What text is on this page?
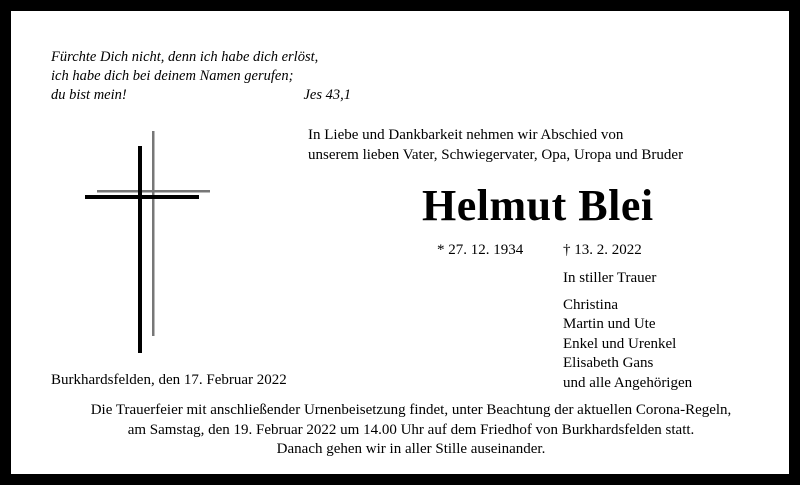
Fürchte Dich nicht, denn ich habe dich erlöst,
ich habe dich bei deinem Namen gerufen;
du bist mein!	Jes 43,1
In Liebe und Dankbarkeit nehmen wir Abschied von
unserem lieben Vater, Schwiegervater, Opa, Uropa und Bruder
Helmut Blei
* 27. 12. 1934	† 13. 2. 2022
In stiller Trauer
Christina
Martin und Ute
Enkel und Urenkel
Elisabeth Gans
und alle Angehörigen
Burkhardsfelden, den 17. Februar 2022
Die Trauerfeier mit anschließender Urnenbeisetzung findet, unter Beachtung der aktuellen Corona-Regeln,
am Samstag, den 19. Februar 2022 um 14.00 Uhr auf dem Friedhof von Burkhardsfelden statt.
Danach gehen wir in aller Stille auseinander.
